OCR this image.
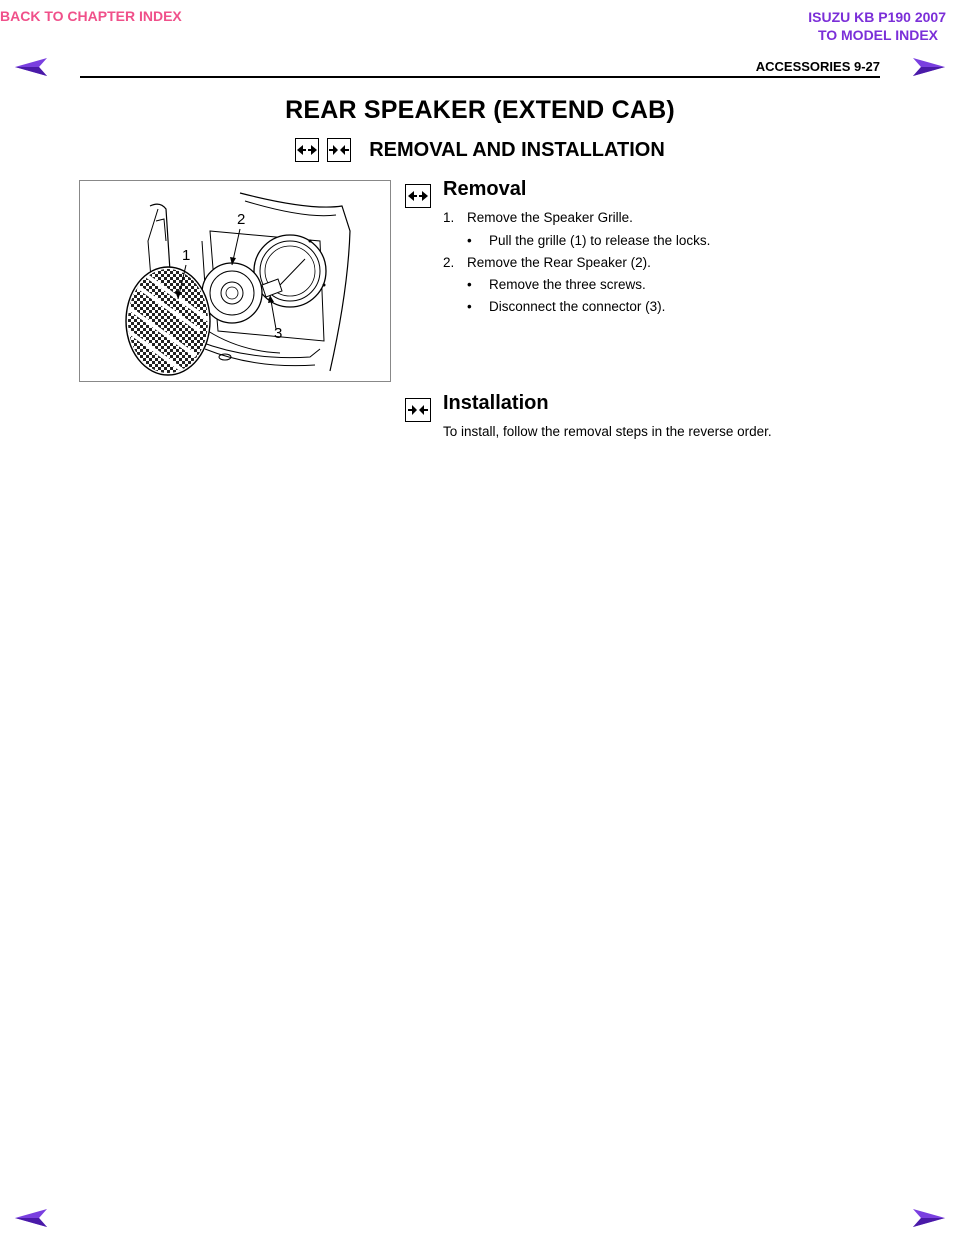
BACK TO CHAPTER INDEX	ISUZU KB P190 2007
TO MODEL INDEX
ACCESSORIES 9-27
REAR SPEAKER (EXTEND CAB)
REMOVAL AND INSTALLATION
1
2
3
Removal
1. Remove the Speaker Grille.
• Pull the grille (1) to release the locks.
2. Remove the Rear Speaker (2).
• Remove the three screws.
• Disconnect the connector (3).
Installation
To install, follow the removal steps in the reverse order.
